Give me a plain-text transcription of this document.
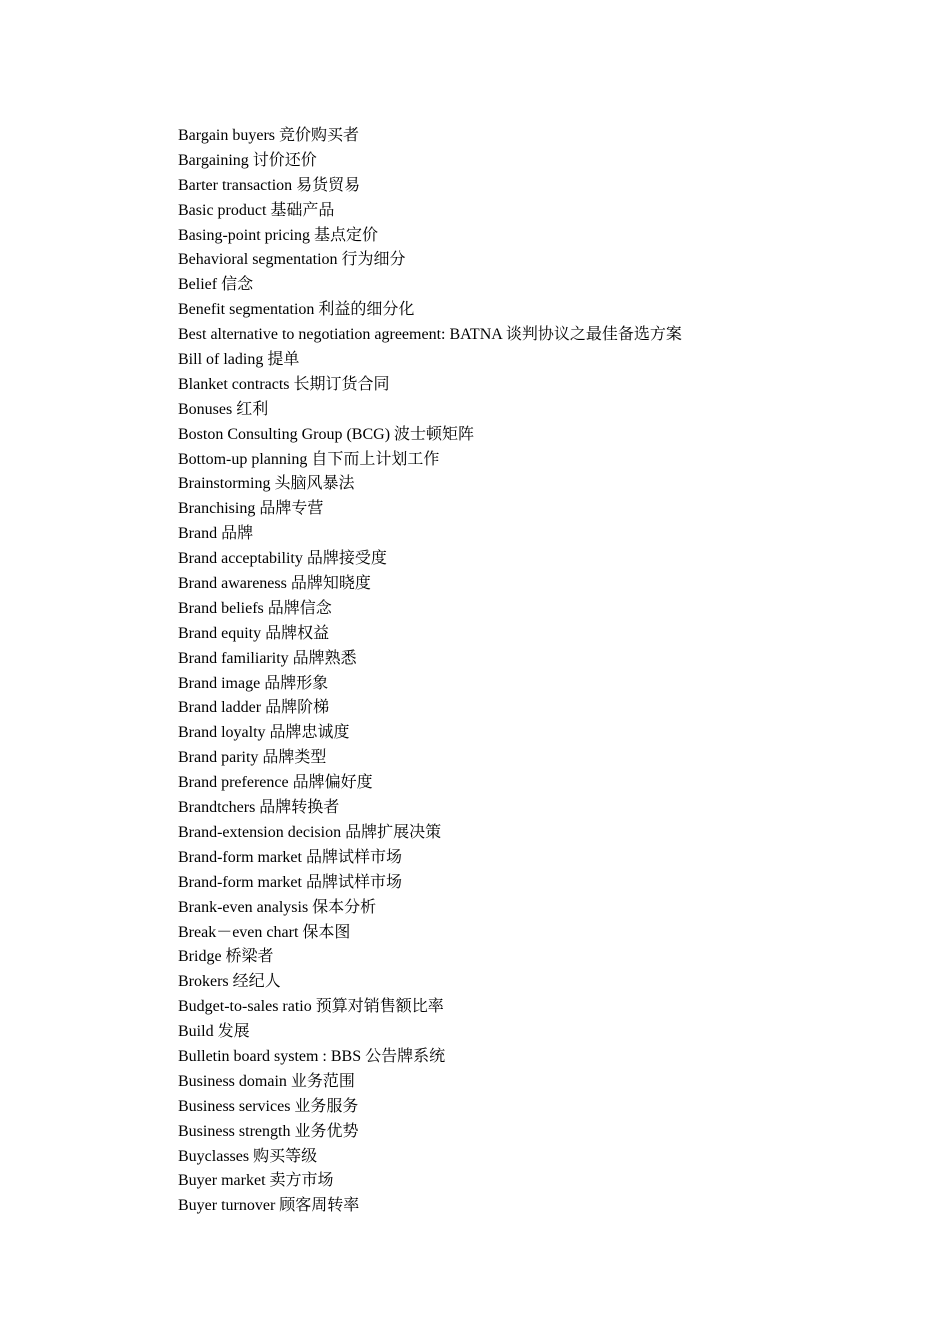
Bargain buyers 竞价购买者
Bargaining 讨价还价
Barter transaction 易货贸易
Basic product 基础产品
Basing-point pricing 基点定价
Behavioral segmentation 行为细分
Belief 信念
Benefit segmentation 利益的细分化
Best alternative to negotiation agreement: BATNA 谈判协议之最佳备选方案
Bill of lading 提单
Blanket contracts 长期订货合同
Bonuses 红利
Boston Consulting Group (BCG) 波士顿矩阵
Bottom-up planning 自下而上计划工作
Brainstorming 头脑风暴法
Branchising 品牌专营
Brand 品牌
Brand acceptability 品牌接受度
Brand awareness 品牌知晓度
Brand beliefs 品牌信念
Brand equity 品牌权益
Brand familiarity 品牌熟悉
Brand image 品牌形象
Brand ladder 品牌阶梯
Brand loyalty 品牌忠诚度
Brand parity 品牌类型
Brand preference 品牌偏好度
Brandtchers 品牌转换者
Brand-extension decision 品牌扩展决策
Brand-form market 品牌试样市场
Brand-form market 品牌试样市场
Brank-even analysis 保本分析
Break－even chart 保本图
Bridge 桥梁者
Brokers 经纪人
Budget-to-sales ratio 预算对销售额比率
Build 发展
Bulletin board system : BBS 公告牌系统
Business domain 业务范围
Business services 业务服务
Business strength 业务优势
Buyclasses 购买等级
Buyer market 卖方市场
Buyer turnover 顾客周转率
